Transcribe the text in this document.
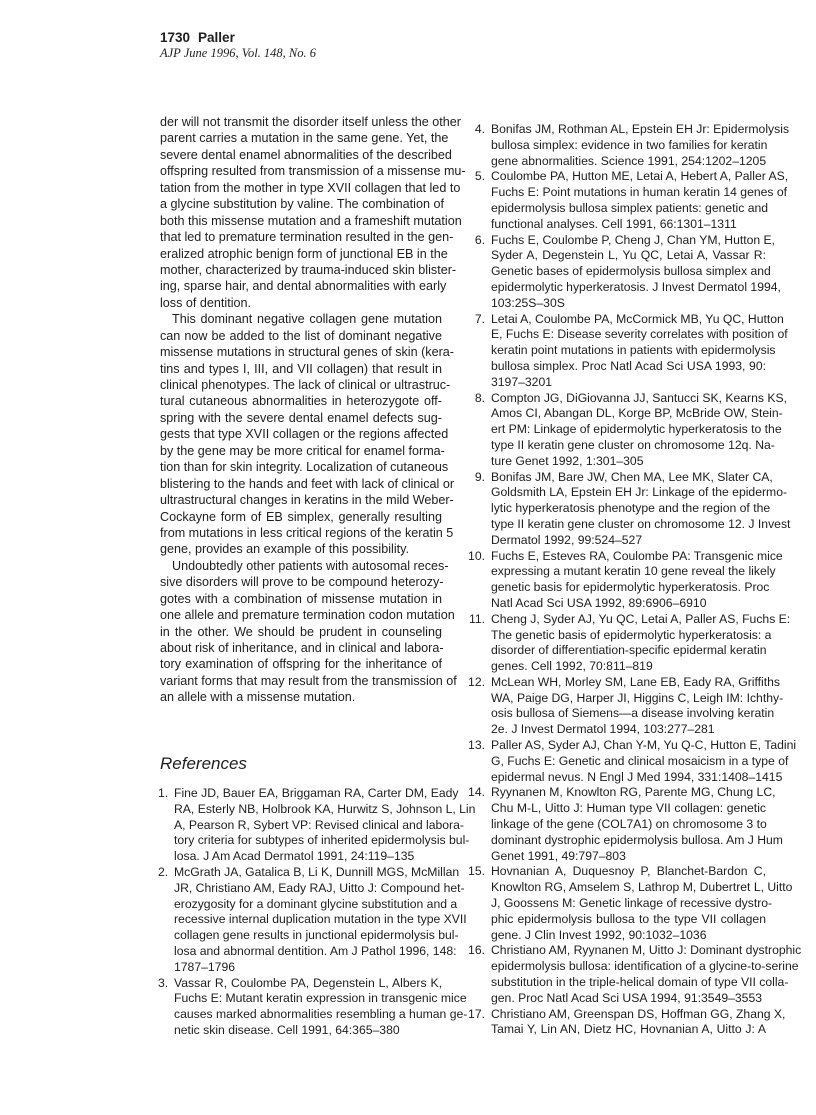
1730 Paller
AJP June 1996, Vol. 148, No. 6
der will not transmit the disorder itself unless the other
parent carries a mutation in the same gene. Yet, the
severe dental enamel abnormalities of the described
offspring resulted from transmission of a missense mu-
tation from the mother in type XVII collagen that led to
a glycine substitution by valine. The combination of
both this missense mutation and a frameshift mutation
that led to premature termination resulted in the gen-
eralized atrophic benign form of junctional EB in the
mother, characterized by trauma-induced skin blister-
ing, sparse hair, and dental abnormalities with early
loss of dentition.
This dominant negative collagen gene mutation
can now be added to the list of dominant negative
missense mutations in structural genes of skin (kera-
tins and types I, III, and VII collagen) that result in
clinical phenotypes. The lack of clinical or ultrastruc-
tural cutaneous abnormalities in heterozygote off-
spring with the severe dental enamel defects sug-
gests that type XVII collagen or the regions affected
by the gene may be more critical for enamel forma-
tion than for skin integrity. Localization of cutaneous
blistering to the hands and feet with lack of clinical or
ultrastructural changes in keratins in the mild Weber-
Cockayne form of EB simplex, generally resulting
from mutations in less critical regions of the keratin 5
gene, provides an example of this possibility.
Undoubtedly other patients with autosomal reces-
sive disorders will prove to be compound heterozy-
gotes with a combination of missense mutation in
one allele and premature termination codon mutation
in the other. We should be prudent in counseling
about risk of inheritance, and in clinical and labora-
tory examination of offspring for the inheritance of
variant forms that may result from the transmission of
an allele with a missense mutation.
References
1. Fine JD, Bauer EA, Briggaman RA, Carter DM, Eady
RA, Esterly NB, Holbrook KA, Hurwitz S, Johnson L, Lin
A, Pearson R, Sybert VP: Revised clinical and labora-
tory criteria for subtypes of inherited epidermolysis bul-
losa. J Am Acad Dermatol 1991, 24:119–135
2. McGrath JA, Gatalica B, Li K, Dunnill MGS, McMillan
JR, Christiano AM, Eady RAJ, Uitto J: Compound het-
erozygosity for a dominant glycine substitution and a
recessive internal duplication mutation in the type XVII
collagen gene results in junctional epidermolysis bul-
losa and abnormal dentition. Am J Pathol 1996, 148:
1787–1796
3. Vassar R, Coulombe PA, Degenstein L, Albers K,
Fuchs E: Mutant keratin expression in transgenic mice
causes marked abnormalities resembling a human ge-
netic skin disease. Cell 1991, 64:365–380
4. Bonifas JM, Rothman AL, Epstein EH Jr: Epidermolysis
bullosa simplex: evidence in two families for keratin
gene abnormalities. Science 1991, 254:1202–1205
5. Coulombe PA, Hutton ME, Letai A, Hebert A, Paller AS,
Fuchs E: Point mutations in human keratin 14 genes of
epidermolysis bullosa simplex patients: genetic and
functional analyses. Cell 1991, 66:1301–1311
6. Fuchs E, Coulombe P, Cheng J, Chan YM, Hutton E,
Syder A, Degenstein L, Yu QC, Letai A, Vassar R:
Genetic bases of epidermolysis bullosa simplex and
epidermolytic hyperkeratosis. J Invest Dermatol 1994,
103:25S–30S
7. Letai A, Coulombe PA, McCormick MB, Yu QC, Hutton
E, Fuchs E: Disease severity correlates with position of
keratin point mutations in patients with epidermolysis
bullosa simplex. Proc Natl Acad Sci USA 1993, 90:
3197–3201
8. Compton JG, DiGiovanna JJ, Santucci SK, Kearns KS,
Amos CI, Abangan DL, Korge BP, McBride OW, Stein-
ert PM: Linkage of epidermolytic hyperkeratosis to the
type II keratin gene cluster on chromosome 12q. Na-
ture Genet 1992, 1:301–305
9. Bonifas JM, Bare JW, Chen MA, Lee MK, Slater CA,
Goldsmith LA, Epstein EH Jr: Linkage of the epidermo-
lytic hyperkeratosis phenotype and the region of the
type II keratin gene cluster on chromosome 12. J Invest
Dermatol 1992, 99:524–527
10. Fuchs E, Esteves RA, Coulombe PA: Transgenic mice
expressing a mutant keratin 10 gene reveal the likely
genetic basis for epidermolytic hyperkeratosis. Proc
Natl Acad Sci USA 1992, 89:6906–6910
11. Cheng J, Syder AJ, Yu QC, Letai A, Paller AS, Fuchs E:
The genetic basis of epidermolytic hyperkeratosis: a
disorder of differentiation-specific epidermal keratin
genes. Cell 1992, 70:811–819
12. McLean WH, Morley SM, Lane EB, Eady RA, Griffiths
WA, Paige DG, Harper JI, Higgins C, Leigh IM: Ichthy-
osis bullosa of Siemens—a disease involving keratin
2e. J Invest Dermatol 1994, 103:277–281
13. Paller AS, Syder AJ, Chan Y-M, Yu Q-C, Hutton E, Tadini
G, Fuchs E: Genetic and clinical mosaicism in a type of
epidermal nevus. N Engl J Med 1994, 331:1408–1415
14. Ryynanen M, Knowlton RG, Parente MG, Chung LC,
Chu M-L, Uitto J: Human type VII collagen: genetic
linkage of the gene (COL7A1) on chromosome 3 to
dominant dystrophic epidermolysis bullosa. Am J Hum
Genet 1991, 49:797–803
15. Hovnanian A, Duquesnoy P, Blanchet-Bardon C,
Knowlton RG, Amselem S, Lathrop M, Dubertret L, Uitto
J, Goossens M: Genetic linkage of recessive dystro-
phic epidermolysis bullosa to the type VII collagen
gene. J Clin Invest 1992, 90:1032–1036
16. Christiano AM, Ryynanen M, Uitto J: Dominant dystrophic
epidermolysis bullosa: identification of a glycine-to-serine
substitution in the triple-helical domain of type VII colla-
gen. Proc Natl Acad Sci USA 1994, 91:3549–3553
17. Christiano AM, Greenspan DS, Hoffman GG, Zhang X,
Tamai Y, Lin AN, Dietz HC, Hovnanian A, Uitto J: A
